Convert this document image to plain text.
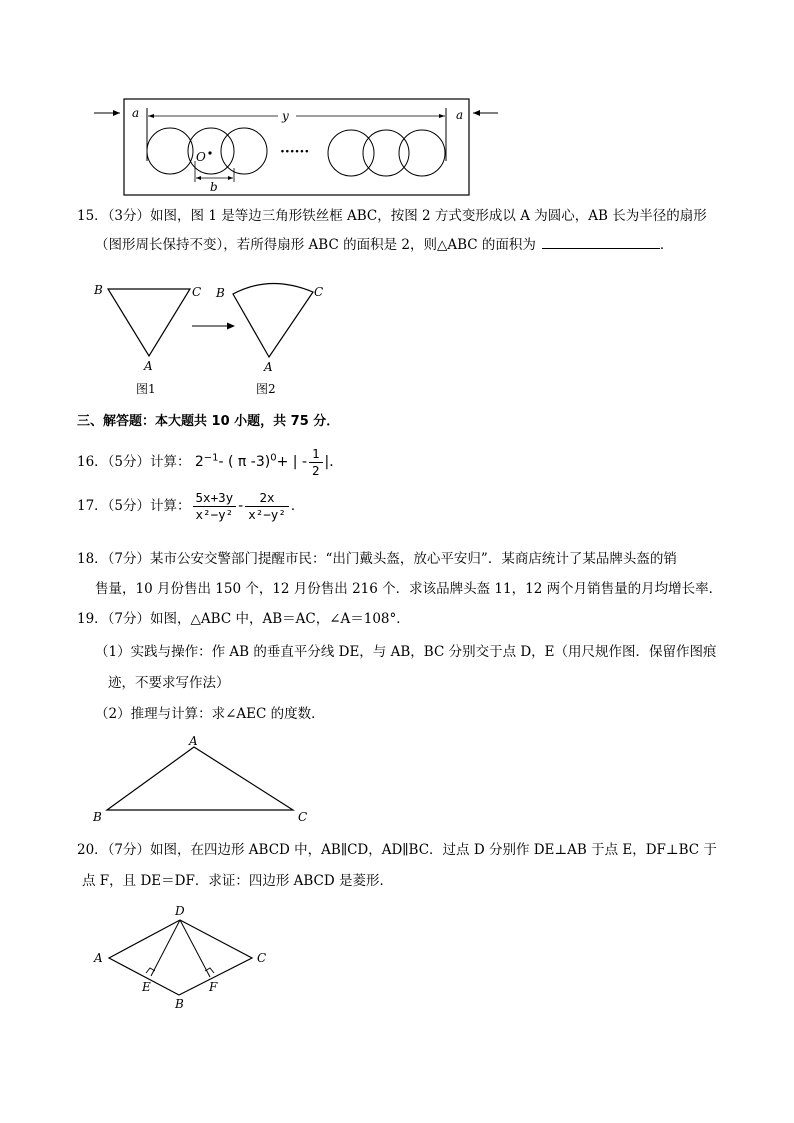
a	a
y
O
b
······
15．（3分）如图，图 1 是等边三角形铁丝框 ABC，按图 2 方式变形成以 A 为圆心，AB 长为半径的扇形
（图形周长保持不变），若所得扇形 ABC 的面积是 2，则△ABC 的面积为	．
B	C
A
图1
B	C
A
图2
三、解答题：本大题共 10 小题，共 75 分．
16．（5分）计算： $2^{-1}-$ ( π -3)$^0$+ | - $\frac{1}{2}$ |．
17．（5分）计算： $\frac{5x+3y}{\text{x²−y²}} - \frac{2x}{\text{x²−y²}}$ ．
18．（7分）某市公安交警部门提醒市民：“出门戴头盔，放心平安归”．某商店统计了某品牌头盔的销
售量，10 月份售出 150 个，12 月份售出 216 个．求该品牌头盔 11，12 两个月销售量的月均增长率．
19．（7分）如图，△ABC 中，AB＝AC，∠A＝108°．
（1）实践与操作：作 AB 的垂直平分线 DE，与 AB，BC 分别交于点 D，E（用尺规作图．保留作图痕
迹，不要求写作法）
（2）推理与计算：求∠AEC 的度数．
A
B	C
20．（7分）如图，在四边形 ABCD 中，AB∥CD，AD∥BC．过点 D 分别作 DE⊥AB 于点 E，DF⊥BC 于
点 F，且 DE＝DF．求证：四边形 ABCD 是菱形．
D
A	C
E	F
B
